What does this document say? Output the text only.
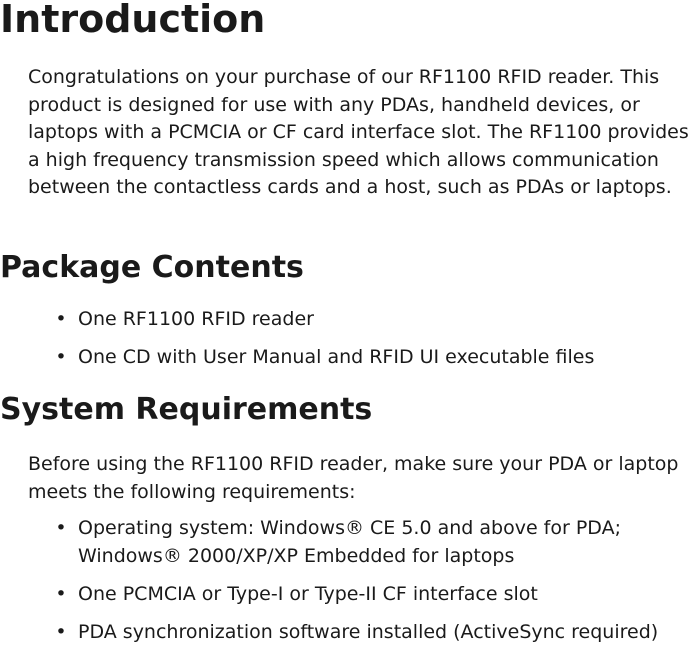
Introduction

Congratulations on your purchase of our RF1100 RFID reader. This product is designed for use with any PDAs, handheld devices, or laptops with a PCMCIA or CF card interface slot. The RF1100 provides a high frequency transmission speed which allows communication between the contactless cards and a host, such as PDAs or laptops.

Package Contents
• One RF1100 RFID reader
• One CD with User Manual and RFID UI executable files
System Requirements

Before using the RF1100 RFID reader, make sure your PDA or laptop meets the following requirements:

• Operating system: Windows® CE 5.0 and above for PDA; Windows® 2000/XP/XP Embedded for laptops
• One PCMCIA or Type-I or Type-II CF interface slot
• PDA synchronization software installed (ActiveSync required)
